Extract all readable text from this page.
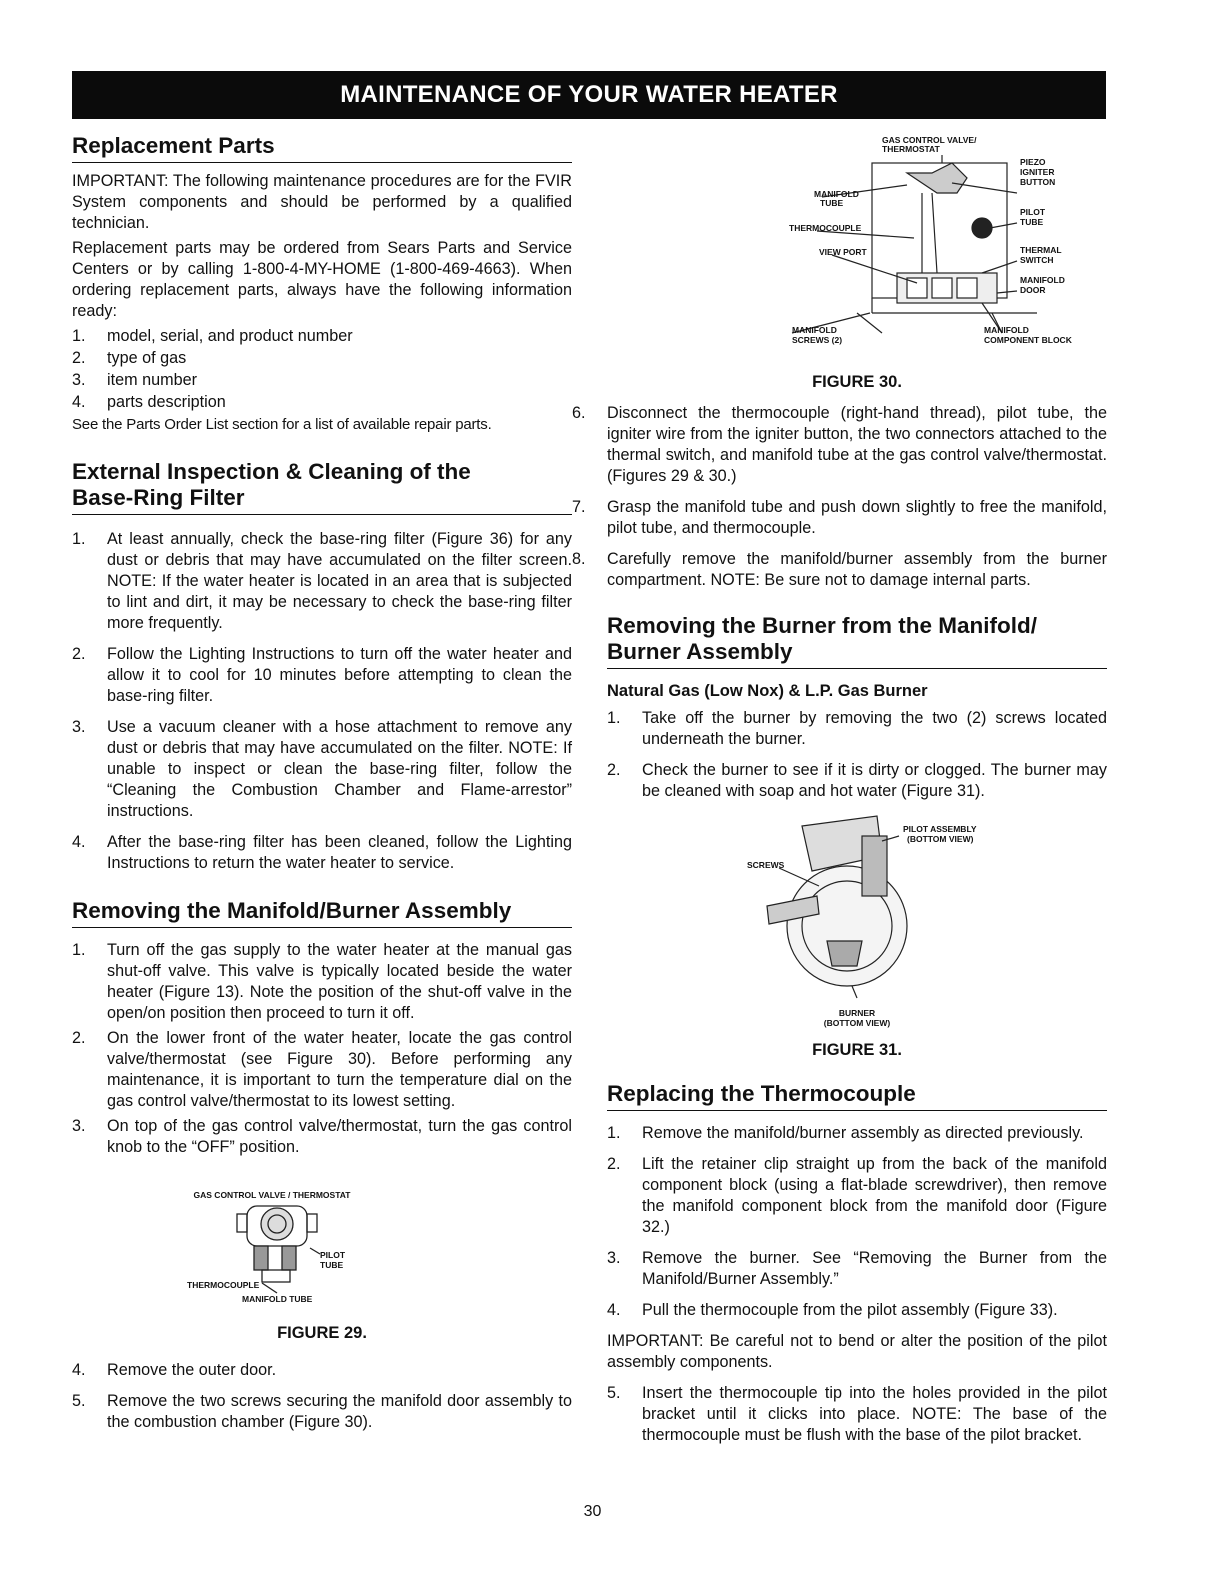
MAINTENANCE OF YOUR WATER HEATER
Replacement Parts

IMPORTANT: The following maintenance procedures are for the FVIR System components and should be performed by a qualified technician.

Replacement parts may be ordered from Sears Parts and Service Centers or by calling 1-800-4-MY-HOME (1-800-469-4663). When ordering replacement parts, always have the following information ready:

1. model, serial, and product number
2. type of gas
3. item number
4. parts description

See the Parts Order List section for a list of available repair parts.

External Inspection & Cleaning of the
Base-Ring Filter
1. At least annually, check the base-ring filter (Figure 36) for any dust or debris that may have accumulated on the filter screen. NOTE: If the water heater is located in an area that is subjected to lint and dirt, it may be necessary to check the base-ring filter more frequently.
2. Follow the Lighting Instructions to turn off the water heater and allow it to cool for 10 minutes before attempting to clean the base-ring filter.
3. Use a vacuum cleaner with a hose attachment to remove any dust or debris that may have accumulated on the filter. NOTE: If unable to inspect or clean the base-ring filter, follow the “Cleaning the Combustion Chamber and Flame-arrestor” instructions.
4. After the base-ring filter has been cleaned, follow the Lighting Instructions to return the water heater to service.
Removing the Manifold/Burner Assembly
1. Turn off the gas supply to the water heater at the manual gas shut-off valve. This valve is typically located beside the water heater (Figure 13). Note the position of the shut-off valve in the open/on position then proceed to turn it off.
2. On the lower front of the water heater, locate the gas control valve/thermostat (see Figure 30). Before performing any maintenance, it is important to turn the temperature dial on the gas control valve/thermostat to its lowest setting.
3. On top of the gas control valve/thermostat, turn the gas control knob to the “OFF” position.
GAS CONTROL VALVE / THERMOSTAT
PILOT
TUBE
THERMOCOUPLE
MANIFOLD TUBE
FIGURE 29.
4. Remove the outer door.
5. Remove the two screws securing the manifold door assembly to the combustion chamber (Figure 30).
GAS CONTROL VALVE/
THERMOSTAT
PIEZO
IGNITER
BUTTON
MANIFOLD
TUBE
PILOT
TUBE
THERMOCOUPLE
THERMAL
SWITCH
VIEW PORT
MANIFOLD
DOOR
MANIFOLD
SCREWS (2)
MANIFOLD
COMPONENT BLOCK
FIGURE 30.
6. Disconnect the thermocouple (right-hand thread), pilot tube, the igniter wire from the igniter button, the two connectors attached to the thermal switch, and manifold tube at the gas control valve/thermostat. (Figures 29 & 30.)
7. Grasp the manifold tube and push down slightly to free the manifold, pilot tube, and thermocouple.
8. Carefully remove the manifold/burner assembly from the burner compartment. NOTE: Be sure not to damage internal parts.
Removing the Burner from the Manifold/
Burner Assembly
Natural Gas (Low Nox) & L.P. Gas Burner
1. Take off the burner by removing the two (2) screws located underneath the burner.
2. Check the burner to see if it is dirty or clogged. The burner may be cleaned with soap and hot water (Figure 31).
PILOT ASSEMBLY
(BOTTOM VIEW)
SCREWS
BURNER
(BOTTOM VIEW)
FIGURE 31.
Replacing the Thermocouple
1. Remove the manifold/burner assembly as directed previously.
2. Lift the retainer clip straight up from the back of the manifold component block (using a flat-blade screwdriver), then remove the manifold component block from the manifold door (Figure 32.)
3. Remove the burner. See “Removing the Burner from the Manifold/Burner Assembly.”
4. Pull the thermocouple from the pilot assembly (Figure 33).

IMPORTANT: Be careful not to bend or alter the position of the pilot assembly components.

5. Insert the thermocouple tip into the holes provided in the pilot bracket until it clicks into place. NOTE: The base of the thermocouple must be flush with the base of the pilot bracket.
30
